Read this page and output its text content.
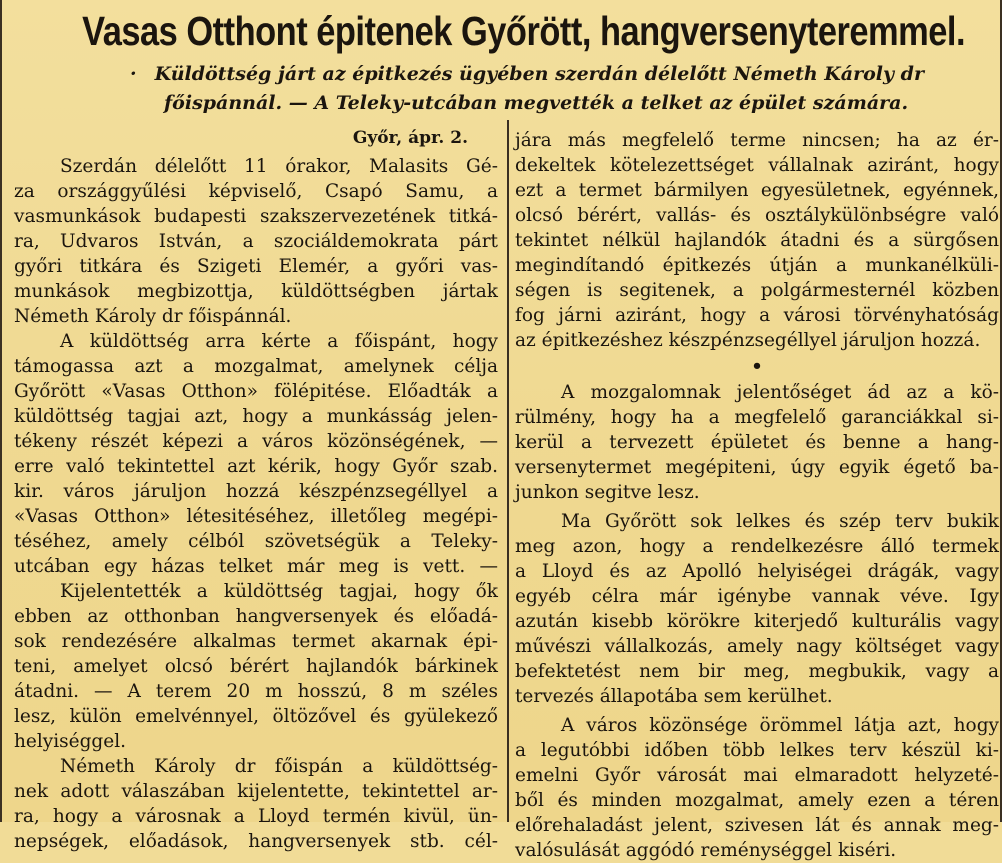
Vasas Otthont épitenek Győrött, hangversenyteremmel.
· Küldöttség járt az épitkezés ügyében szerdán délelőtt Németh Károly dr
főispánnál. — A Teleky-utcában megvették a telket az épület számára.
Győr, ápr. 2.
Szerdán délelőtt 11 órakor, Malasits Gé-
za országgyűlési képviselő, Csapó Samu, a
vasmunkások budapesti szakszervezetének titká-
ra, Udvaros István, a szociáldemokrata párt
győri titkára és Szigeti Elemér, a győri vas-
munkások megbizottja, küldöttségben jártak
Németh Károly dr főispánnál.
A küldöttség arra kérte a főispánt, hogy
támogassa azt a mozgalmat, amelynek célja
Győrött «Vasas Otthon» fölépitése. Előadták a
küldöttség tagjai azt, hogy a munkásság jelen-
tékeny részét képezi a város közönségének, —
erre való tekintettel azt kérik, hogy Győr szab.
kir. város járuljon hozzá készpénzsegéllyel a
«Vasas Otthon» létesitéséhez, illetőleg megépi-
téséhez, amely célból szövetségük a Teleky-
utcában egy házas telket már meg is vett. —
Kijelentették a küldöttség tagjai, hogy ők
ebben az otthonban hangversenyek és előadá-
sok rendezésére alkalmas termet akarnak épi-
teni, amelyet olcsó bérért hajlandók bárkinek
átadni. — A terem 20 m hosszú, 8 m széles
lesz, külön emelvénnyel, öltözővel és gyülekező
helyiséggel.
Németh Károly dr főispán a küldöttség-
nek adott válaszában kijelentette, tekintettel ar-
ra, hogy a városnak a Lloyd termén kivül, ün-
nepségek, előadások, hangversenyek stb. cél-
jára más megfelelő terme nincsen; ha az ér-
dekeltek kötelezettséget vállalnak aziránt, hogy
ezt a termet bármilyen egyesületnek, egyénnek,
olcsó bérért, vallás- és osztálykülönbségre való
tekintet nélkül hajlandók átadni és a sürgősen
megindítandó épitkezés útján a munkanélküli-
ségen is segitenek, a polgármesternél közben
fog járni aziránt, hogy a városi törvényhatóság
az épitkezéshez készpénzsegéllyel járuljon hozzá.
•
A mozgalomnak jelentőséget ád az a kö-
rülmény, hogy ha a megfelelő garanciákkal si-
kerül a tervezett épületet és benne a hang-
versenytermet megépiteni, úgy egyik égető ba-
junkon segitve lesz.
Ma Győrött sok lelkes és szép terv bukik
meg azon, hogy a rendelkezésre álló termek
a Lloyd és az Apolló helyiségei drágák, vagy
egyéb célra már igénybe vannak véve. Igy
azután kisebb körökre kiterjedő kulturális vagy
művészi vállalkozás, amely nagy költséget vagy
befektetést nem bir meg, megbukik, vagy a
tervezés állapotába sem kerülhet.
A város közönsége örömmel látja azt, hogy
a legutóbbi időben több lelkes terv készül ki-
emelni Győr városát mai elmaradott helyzeté-
ből és minden mozgalmat, amely ezen a téren
előrehaladást jelent, szivesen lát és annak meg-
valósulását aggódó reménységgel kiséri.
